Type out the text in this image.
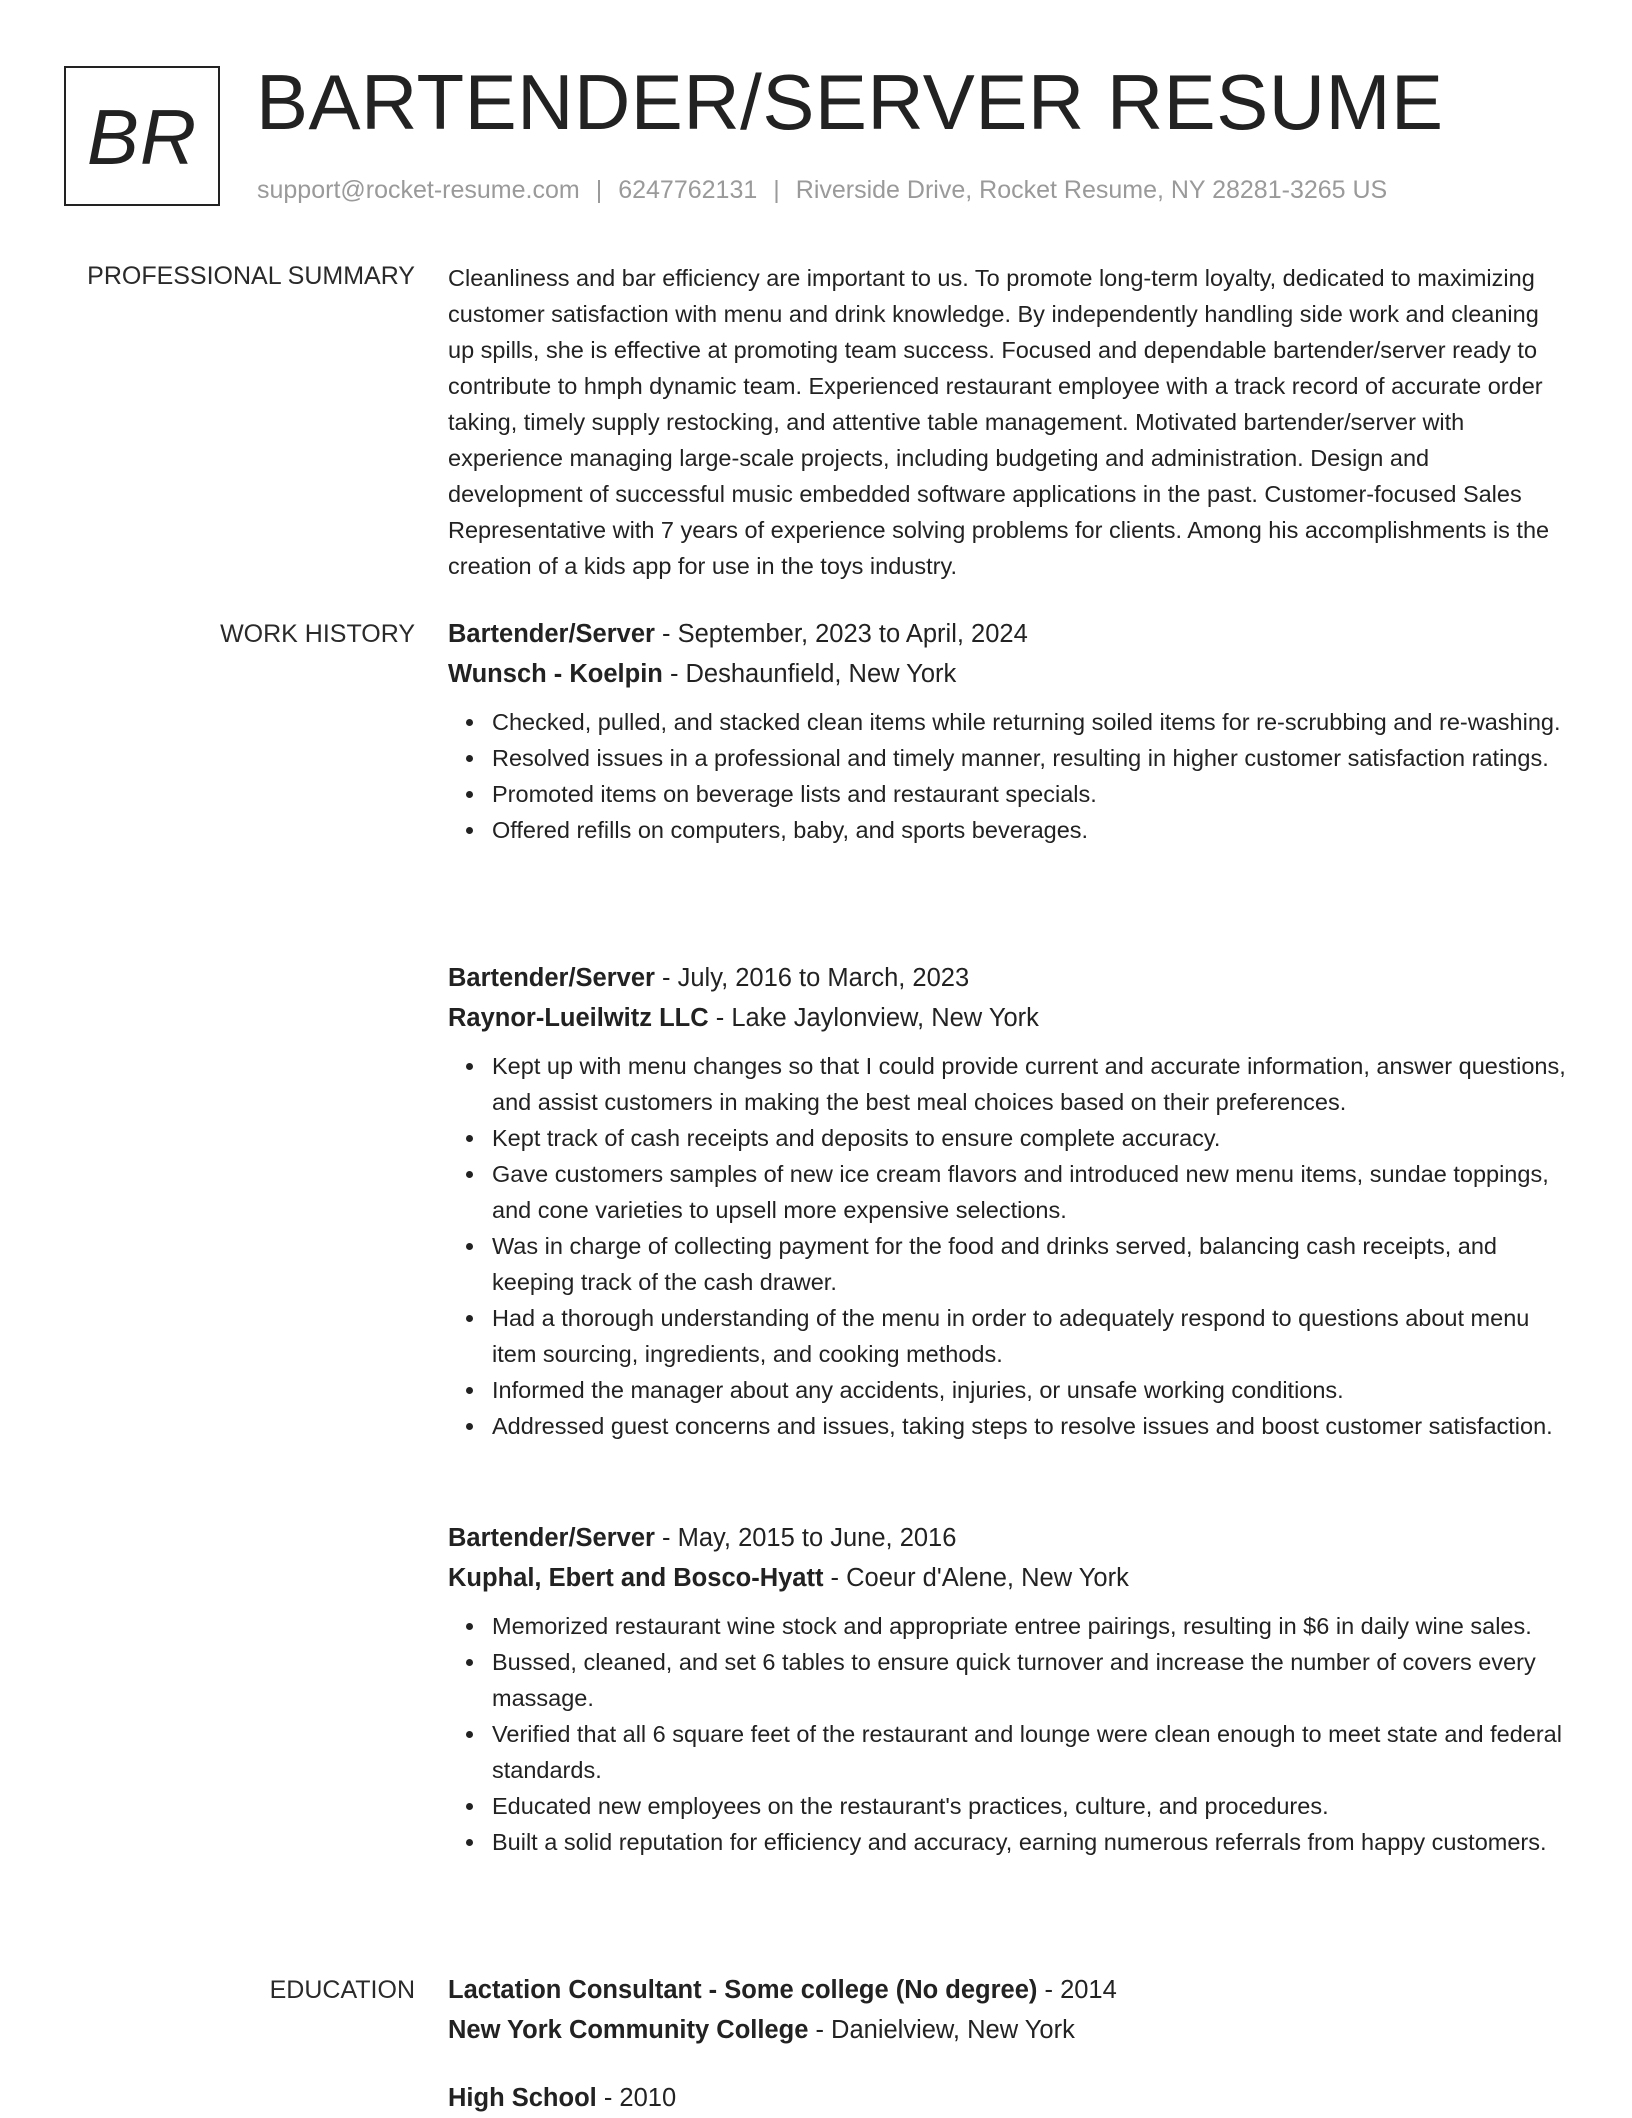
BR BARTENDER/SERVER RESUME
support@rocket-resume.com | 6247762131 | Riverside Drive, Rocket Resume, NY 28281-3265 US
PROFESSIONAL SUMMARY Cleanliness and bar efficiency are important to us. To promote long-term loyalty, dedicated to maximizing customer satisfaction with menu and drink knowledge. By independently handling side work and cleaning up spills, she is effective at promoting team success. Focused and dependable bartender/server ready to contribute to hmph dynamic team. Experienced restaurant employee with a track record of accurate order taking, timely supply restocking, and attentive table management. Motivated bartender/server with experience managing large-scale projects, including budgeting and administration. Design and development of successful music embedded software applications in the past. Customer-focused Sales Representative with 7 years of experience solving problems for clients. Among his accomplishments is the creation of a kids app for use in the toys industry.

WORK HISTORY Bartender/Server - September, 2023 to April, 2024
Wunsch - Koelpin - Deshaunfield, New York
Checked, pulled, and stacked clean items while returning soiled items for re-scrubbing and re-washing.
Resolved issues in a professional and timely manner, resulting in higher customer satisfaction ratings.
Promoted items on beverage lists and restaurant specials.
Offered refills on computers, baby, and sports beverages.
Bartender/Server - July, 2016 to March, 2023
Raynor-Lueilwitz LLC - Lake Jaylonview, New York
Kept up with menu changes so that I could provide current and accurate information, answer questions, and assist customers in making the best meal choices based on their preferences.
Kept track of cash receipts and deposits to ensure complete accuracy.
Gave customers samples of new ice cream flavors and introduced new menu items, sundae toppings, and cone varieties to upsell more expensive selections.
Was in charge of collecting payment for the food and drinks served, balancing cash receipts, and keeping track of the cash drawer.
Had a thorough understanding of the menu in order to adequately respond to questions about menu item sourcing, ingredients, and cooking methods.
Informed the manager about any accidents, injuries, or unsafe working conditions.
Addressed guest concerns and issues, taking steps to resolve issues and boost customer satisfaction.
Bartender/Server - May, 2015 to June, 2016
Kuphal, Ebert and Bosco-Hyatt - Coeur d'Alene, New York
Memorized restaurant wine stock and appropriate entree pairings, resulting in $6 in daily wine sales.
Bussed, cleaned, and set 6 tables to ensure quick turnover and increase the number of covers every massage.
Verified that all 6 square feet of the restaurant and lounge were clean enough to meet state and federal standards.
Educated new employees on the restaurant's practices, culture, and procedures.
Built a solid reputation for efficiency and accuracy, earning numerous referrals from happy customers.
EDUCATION Lactation Consultant - Some college (No degree) - 2014
New York Community College - Danielview, New York
High School - 2010
